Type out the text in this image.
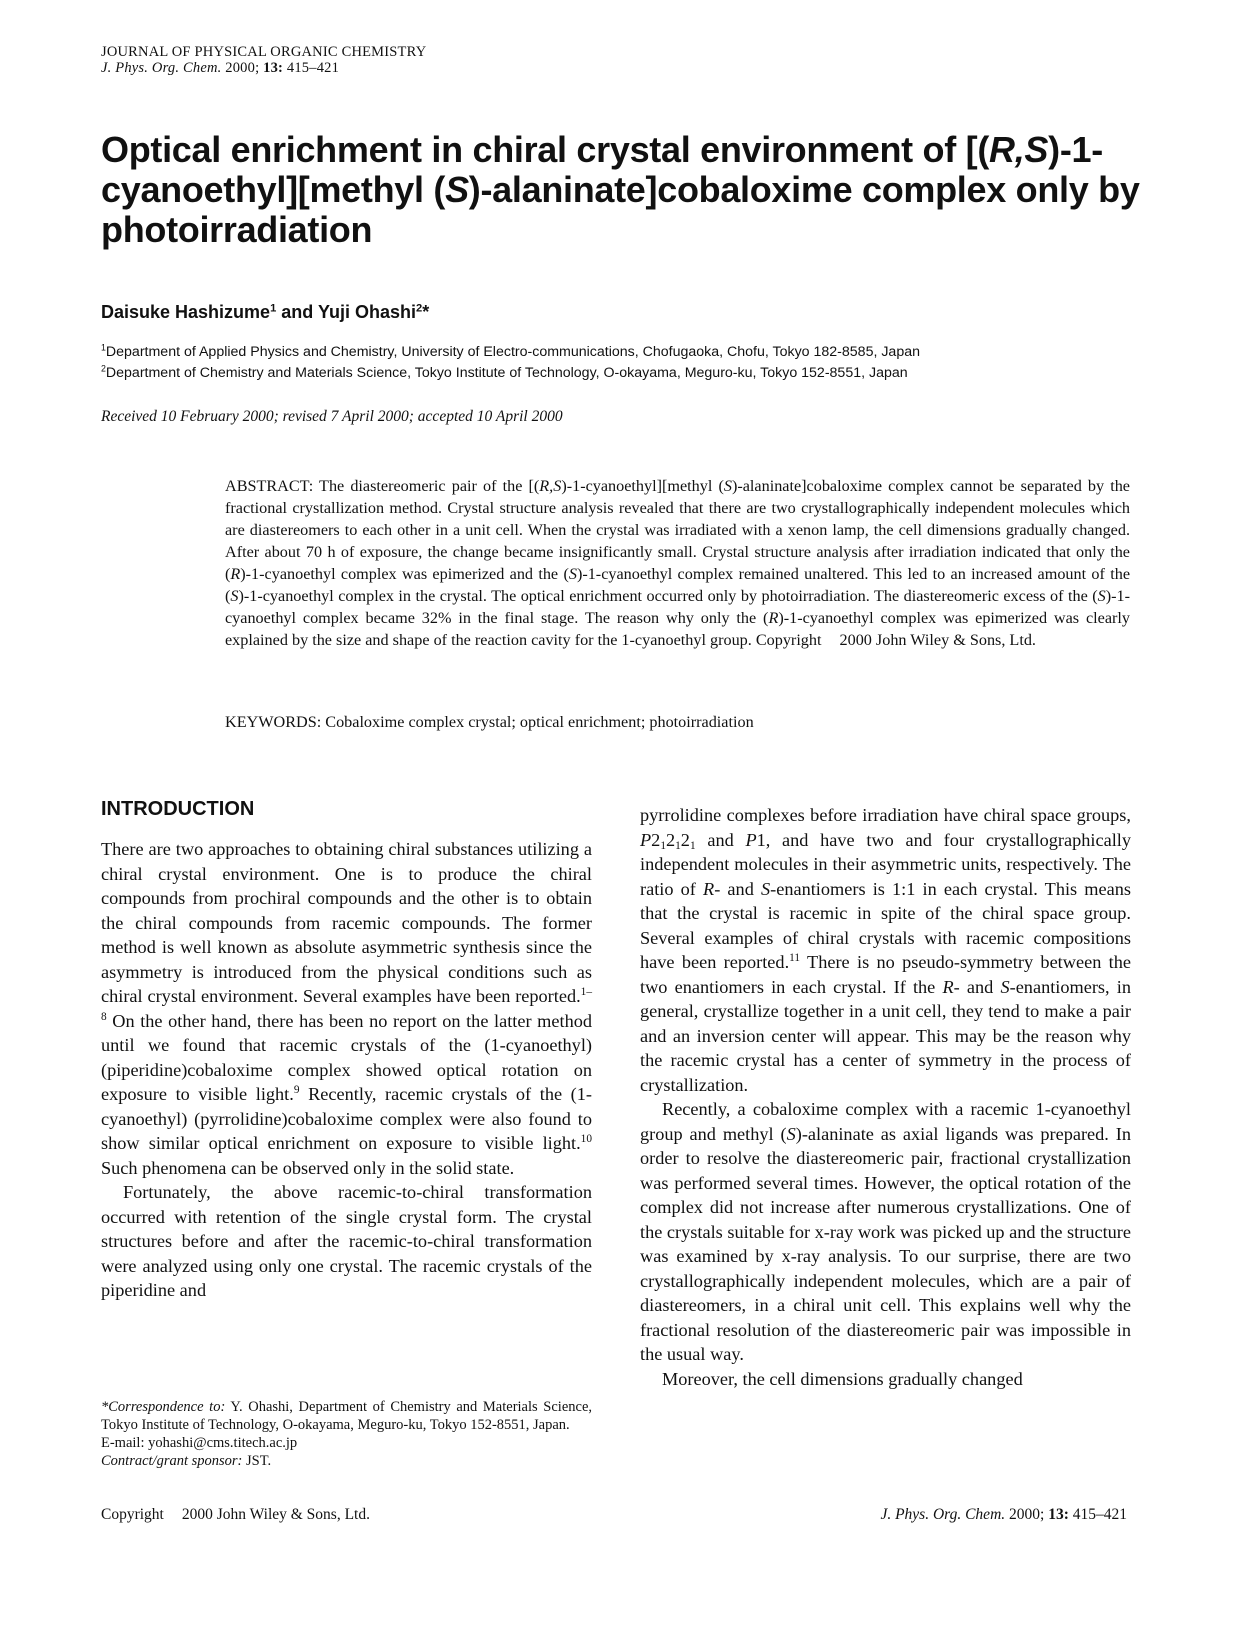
JOURNAL OF PHYSICAL ORGANIC CHEMISTRY
J. Phys. Org. Chem. 2000; 13: 415–421
Optical enrichment in chiral crystal environment of [(R,S)-1-cyanoethyl][methyl (S)-alaninate]cobaloxime complex only by photoirradiation
Daisuke Hashizume$^1$ and Yuji Ohashi$^2$*
$^1$Department of Applied Physics and Chemistry, University of Electro-communications, Chofugaoka, Chofu, Tokyo 182-8585, Japan
$^2$Department of Chemistry and Materials Science, Tokyo Institute of Technology, O-okayama, Meguro-ku, Tokyo 152-8551, Japan
Received 10 February 2000; revised 7 April 2000; accepted 10 April 2000

ABSTRACT: The diastereomeric pair of the [(R,S)-1-cyanoethyl][methyl (S)-alaninate]cobaloxime complex cannot be separated by the fractional crystallization method. Crystal structure analysis revealed that there are two crystallographically independent molecules which are diastereomers to each other in a unit cell. When the crystal was irradiated with a xenon lamp, the cell dimensions gradually changed. After about 70 h of exposure, the change became insignificantly small. Crystal structure analysis after irradiation indicated that only the (R)-1-cyanoethyl complex was epimerized and the (S)-1-cyanoethyl complex remained unaltered. This led to an increased amount of the (S)-1-cyanoethyl complex in the crystal. The optical enrichment occurred only by photoirradiation. The diastereomeric excess of the (S)-1-cyanoethyl complex became 32% in the final stage. The reason why only the (R)-1-cyanoethyl complex was epimerized was clearly explained by the size and shape of the reaction cavity for the 1-cyanoethyl group. Copyright 2000 John Wiley & Sons, Ltd.

KEYWORDS: Cobaloxime complex crystal; optical enrichment; photoirradiation
INTRODUCTION

There are two approaches to obtaining chiral substances utilizing a chiral crystal environment. One is to produce the chiral compounds from prochiral compounds and the other is to obtain the chiral compounds from racemic compounds. The former method is well known as absolute asymmetric synthesis since the asymmetry is introduced from the physical conditions such as chiral crystal environment. Several examples have been reported.$^{1-8}$ On the other hand, there has been no report on the latter method until we found that racemic crystals of the (1-cyanoethyl)(piperidine)cobaloxime complex showed optical rotation on exposure to visible light.$^9$ Recently, racemic crystals of the (1-cyanoethyl) (pyrrolidine)cobaloxime complex were also found to show similar optical enrichment on exposure to visible light.$^{10}$ Such phenomena can be observed only in the solid state.

Fortunately, the above racemic-to-chiral transformation occurred with retention of the single crystal form. The crystal structures before and after the racemic-to-chiral transformation were analyzed using only one crystal. The racemic crystals of the piperidine and

pyrrolidine complexes before irradiation have chiral space groups, $P2_12_12_1$ and P1, and have two and four crystallographically independent molecules in their asymmetric units, respectively. The ratio of R- and S-enantiomers is 1:1 in each crystal. This means that the crystal is racemic in spite of the chiral space group. Several examples of chiral crystals with racemic compositions have been reported.$^{11}$ There is no pseudo-symmetry between the two enantiomers in each crystal. If the R- and S-enantiomers, in general, crystallize together in a unit cell, they tend to make a pair and an inversion center will appear. This may be the reason why the racemic crystal has a center of symmetry in the process of crystallization.

Recently, a cobaloxime complex with a racemic 1-cyanoethyl group and methyl (S)-alaninate as axial ligands was prepared. In order to resolve the diastereomeric pair, fractional crystallization was performed several times. However, the optical rotation of the complex did not increase after numerous crystallizations. One of the crystals suitable for x-ray work was picked up and the structure was examined by x-ray analysis. To our surprise, there are two crystallographically independent molecules, which are a pair of diastereomers, in a chiral unit cell. This explains well why the fractional resolution of the diastereomeric pair was impossible in the usual way.

Moreover, the cell dimensions gradually changed

*Correspondence to: Y. Ohashi, Department of Chemistry and Materials Science, Tokyo Institute of Technology, O-okayama, Meguro-ku, Tokyo 152-8551, Japan.
E-mail: yohashi@cms.titech.ac.jp
Contract/grant sponsor: JST.
Copyright 2000 John Wiley & Sons, Ltd.	J. Phys. Org. Chem. 2000; 13: 415–421
